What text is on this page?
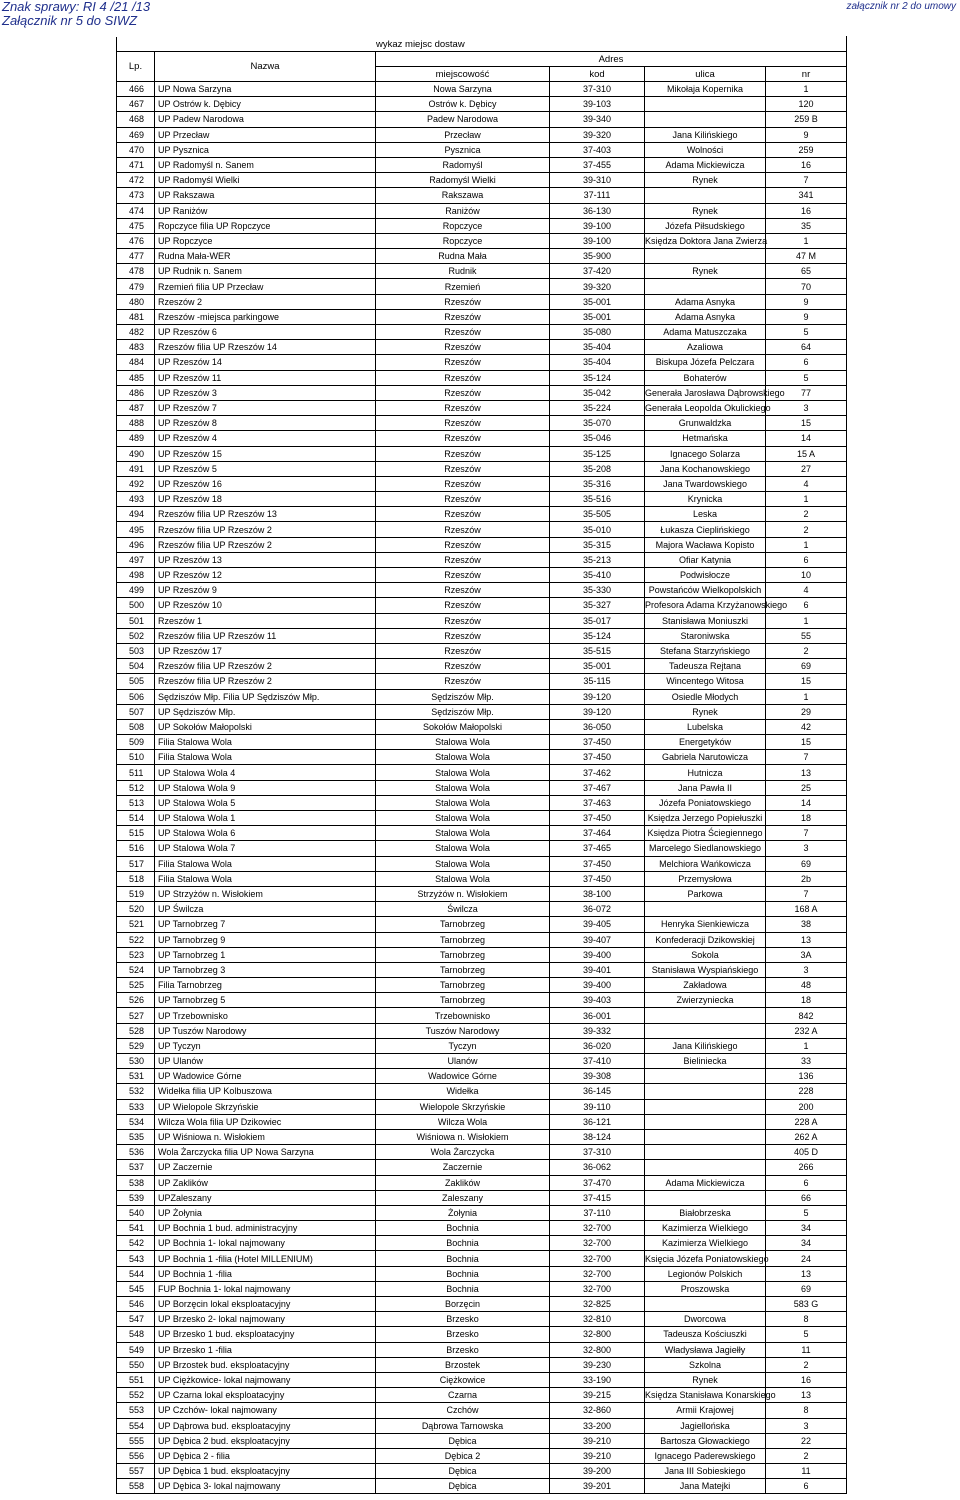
Znak sprawy: RI 4 /21 /13
Załącznik nr 5 do SIWZ
załącznik nr 2 do umowy
		wykaz miejsc dostaw			
Lp.	Nazwa	Adres			
		miejscowość	kod	ulica	nr
466	UP Nowa Sarzyna	Nowa Sarzyna	37-310	Mikołaja Kopernika	1
467	UP Ostrów k. Dębicy	Ostrów k. Dębicy	39-103		120
468	UP Padew Narodowa	Padew Narodowa	39-340		259 B
469	UP Przecław	Przecław	39-320	Jana Kilińskiego	9
470	UP Pysznica	Pysznica	37-403	Wolności	259
471	UP Radomyśl n. Sanem	Radomyśl	37-455	Adama Mickiewicza	16
472	UP Radomyśl Wielki	Radomyśl Wielki	39-310	Rynek	7
473	UP Rakszawa	Rakszawa	37-111		341
474	UP Raniżów	Raniżów	36-130	Rynek	16
475	Ropczyce filia UP Ropczyce	Ropczyce	39-100	Józefa Piłsudskiego	35
476	UP Ropczyce	Ropczyce	39-100	Księdza Doktora Jana Zwierza	1
477	Rudna Mała-WER	Rudna Mała	35-900		47 M
478	UP Rudnik n. Sanem	Rudnik	37-420	Rynek	65
479	Rzemień filia UP Przecław	Rzemień	39-320		70
480	Rzeszów 2	Rzeszów	35-001	Adama Asnyka	9
481	Rzeszów -miejsca parkingowe	Rzeszów	35-001	Adama Asnyka	9
482	UP Rzeszów 6	Rzeszów	35-080	Adama Matuszczaka	5
483	Rzeszów filia UP Rzeszów 14	Rzeszów	35-404	Azaliowa	64
484	UP Rzeszów 14	Rzeszów	35-404	Biskupa Józefa Pelczara	6
485	UP Rzeszów 11	Rzeszów	35-124	Bohaterów	5
486	UP Rzeszów 3	Rzeszów	35-042	Generała Jarosława Dąbrowskiego	77
487	UP Rzeszów 7	Rzeszów	35-224	Generała Leopolda Okulickiego	3
488	UP Rzeszów 8	Rzeszów	35-070	Grunwaldzka	15
489	UP Rzeszów 4	Rzeszów	35-046	Hetmańska	14
490	UP Rzeszów 15	Rzeszów	35-125	Ignacego Solarza	15 A
491	UP Rzeszów 5	Rzeszów	35-208	Jana Kochanowskiego	27
492	UP Rzeszów 16	Rzeszów	35-316	Jana Twardowskiego	4
493	UP Rzeszów 18	Rzeszów	35-516	Krynicka	1
494	Rzeszów filia UP Rzeszów 13	Rzeszów	35-505	Leska	2
495	Rzeszów filia UP Rzeszów 2	Rzeszów	35-010	Łukasza Cieplińskiego	2
496	Rzeszów filia UP Rzeszów 2	Rzeszów	35-315	Majora Wacława Kopisto	1
497	UP Rzeszów 13	Rzeszów	35-213	Ofiar Katynia	6
498	UP Rzeszów 12	Rzeszów	35-410	Podwisłocze	10
499	UP Rzeszów 9	Rzeszów	35-330	Powstańców Wielkopolskich	4
500	UP Rzeszów 10	Rzeszów	35-327	Profesora Adama Krzyżanowskiego	6
501	Rzeszów 1	Rzeszów	35-017	Stanisława Moniuszki	1
502	Rzeszów filia UP Rzeszów 11	Rzeszów	35-124	Staroniwska	55
503	UP Rzeszów 17	Rzeszów	35-515	Stefana Starzyńskiego	2
504	Rzeszów filia UP Rzeszów 2	Rzeszów	35-001	Tadeusza Rejtana	69
505	Rzeszów filia UP Rzeszów 2	Rzeszów	35-115	Wincentego Witosa	15
506	Sędziszów Młp. Filia UP Sędziszów Młp.	Sędziszów Młp.	39-120	Osiedle Młodych	1
507	UP Sędziszów Młp.	Sędziszów Młp.	39-120	Rynek	29
508	UP Sokołów Małopolski	Sokołów Małopolski	36-050	Lubelska	42
509	Filia Stalowa Wola	Stalowa Wola	37-450	Energetyków	15
510	Filia Stalowa Wola	Stalowa Wola	37-450	Gabriela Narutowicza	7
511	UP Stalowa Wola 4	Stalowa Wola	37-462	Hutnicza	13
512	UP Stalowa Wola 9	Stalowa Wola	37-467	Jana Pawła II	25
513	UP Stalowa Wola 5	Stalowa Wola	37-463	Józefa Poniatowskiego	14
514	UP Stalowa Wola 1	Stalowa Wola	37-450	Księdza Jerzego Popiełuszki	18
515	UP Stalowa Wola 6	Stalowa Wola	37-464	Księdza Piotra Ściegiennego	7
516	UP Stalowa Wola 7	Stalowa Wola	37-465	Marcelego Siedlanowskiego	3
517	Filia Stalowa Wola	Stalowa Wola	37-450	Melchiora Wańkowicza	69
518	Filia Stalowa Wola	Stalowa Wola	37-450	Przemysłowa	2b
519	UP Strzyżów n. Wisłokiem	Strzyżów n. Wisłokiem	38-100	Parkowa	7
520	UP Świlcza	Świlcza	36-072		168 A
521	UP Tarnobrzeg 7	Tarnobrzeg	39-405	Henryka Sienkiewicza	38
522	UP Tarnobrzeg 9	Tarnobrzeg	39-407	Konfederacji Dzikowskiej	13
523	UP Tarnobrzeg 1	Tarnobrzeg	39-400	Sokola	3A
524	UP Tarnobrzeg 3	Tarnobrzeg	39-401	Stanisława Wyspiańskiego	3
525	Filia Tarnobrzeg	Tarnobrzeg	39-400	Zakładowa	48
526	UP Tarnobrzeg 5	Tarnobrzeg	39-403	Zwierzyniecka	18
527	UP Trzebownisko	Trzebownisko	36-001		842
528	UP Tuszów Narodowy	Tuszów Narodowy	39-332		232 A
529	UP Tyczyn	Tyczyn	36-020	Jana Kilińskiego	1
530	UP Ulanów	Ulanów	37-410	Bieliniecka	33
531	UP Wadowice Górne	Wadowice Górne	39-308		136
532	Widełka filia UP Kolbuszowa	Widełka	36-145		228
533	UP Wielopole Skrzyńskie	Wielopole Skrzyńskie	39-110		200
534	Wilcza Wola filia UP Dzikowiec	Wilcza Wola	36-121		228 A
535	UP Wiśniowa n. Wisłokiem	Wiśniowa n. Wisłokiem	38-124		262 A
536	Wola Żarczycka filia UP Nowa Sarzyna	Wola Żarczycka	37-310		405 D
537	UP Zaczernie	Zaczernie	36-062		266
538	UP Zaklików	Zaklików	37-470	Adama Mickiewicza	6
539	UPZaleszany	Zaleszany	37-415		66
540	UP Żołynia	Żołynia	37-110	Białobrzeska	5
541	UP Bochnia 1 bud. administracyjny	Bochnia	32-700	Kazimierza Wielkiego	34
542	UP Bochnia 1- lokal najmowany	Bochnia	32-700	Kazimierza Wielkiego	34
543	UP Bochnia 1 -filia (Hotel MILLENIUM)	Bochnia	32-700	Księcia Józefa Poniatowskiego	24
544	UP Bochnia 1 -filia	Bochnia	32-700	Legionów Polskich	13
545	FUP Bochnia 1- lokal najmowany	Bochnia	32-700	Proszowska	69
546	UP Borzęcin lokal eksploatacyjny	Borzęcin	32-825		583 G
547	UP Brzesko 2- lokal najmowany	Brzesko	32-810	Dworcowa	8
548	UP Brzesko 1 bud. eksploatacyjny	Brzesko	32-800	Tadeusza Kościuszki	5
549	UP Brzesko 1 -filia	Brzesko	32-800	Władysława Jagiełły	11
550	UP Brzostek bud. eksploatacyjny	Brzostek	39-230	Szkolna	2
551	UP Ciężkowice- lokal najmowany	Ciężkowice	33-190	Rynek	16
552	UP Czarna lokal eksploatacyjny	Czarna	39-215	Księdza Stanisława Konarskiego	13
553	UP Czchów- lokal najmowany	Czchów	32-860	Armii Krajowej	8
554	UP Dąbrowa bud. eksploatacyjny	Dąbrowa Tarnowska	33-200	Jagiellońska	3
555	UP Dębica 2 bud. eksploatacyjny	Dębica	39-210	Bartosza Głowackiego	22
556	UP Dębica 2 - filia	Dębica 2	39-210	Ignacego Paderewskiego	2
557	UP Dębica 1 bud. eksploatacyjny	Dębica	39-200	Jana III Sobieskiego	11
558	UP Dębica 3- lokal najmowany	Dębica	39-201	Jana Matejki	6
